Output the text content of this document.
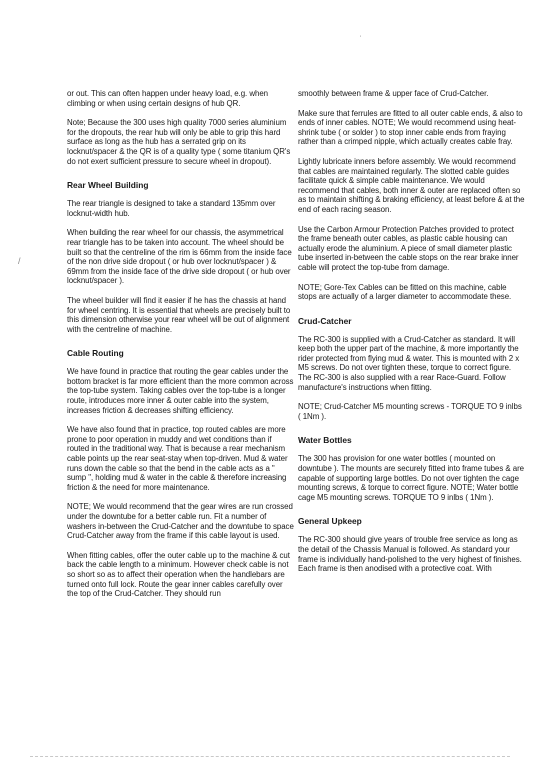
/
'

or out. This can often happen under heavy load, e.g. when climbing or when using certain designs of hub QR.

Note; Because the 300 uses high quality 7000 series aluminium for the dropouts, the rear hub will only be able to grip this hard surface as long as the hub has a serrated grip on its locknut/spacer & the QR is of a quality type ( some titanium QR's do not exert sufficient pressure to secure wheel in dropout).

Rear Wheel Building

The rear triangle is designed to take a standard 135mm over locknut-width hub.

When building the rear wheel for our chassis, the asymmetrical rear triangle has to be taken into account. The wheel should be built so that the centreline of the rim is 66mm from the inside face of the non drive side dropout ( or hub over locknut/spacer ) & 69mm from the inside face of the drive side dropout ( or hub over locknut/spacer ).

The wheel builder will find it easier if he has the chassis at hand for wheel centring. It is essential that wheels are precisely built to this dimension otherwise your rear wheel will be out of alignment with the centreline of machine.

Cable Routing

We have found in practice that routing the gear cables under the bottom bracket is far more efficient than the more common across the top-tube system. Taking cables over the top-tube is a longer route, introduces more inner & outer cable into the system, increases friction & decreases shifting efficiency.

We have also found that in practice, top routed cables are more prone to poor operation in muddy and wet conditions than if routed in the traditional way. That is because a rear mechanism cable points up the rear seat-stay when top-driven. Mud & water runs down the cable so that the bend in the cable acts as a " sump ", holding mud & water in the cable & therefore increasing friction & the need for more maintenance.

NOTE; We would recommend that the gear wires are run crossed under the downtube for a better cable run. Fit a number of washers in-between the Crud-Catcher and the downtube to space Crud-Catcher away from the frame if this cable layout is used.

When fitting cables, offer the outer cable up to the machine & cut back the cable length to a minimum. However check cable is not so short so as to affect their operation when the handlebars are turned onto full lock. Route the gear inner cables carefully over the top of the Crud-Catcher. They should run

smoothly between frame & upper face of Crud-Catcher.

Make sure that ferrules are fitted to all outer cable ends, & also to ends of inner cables. NOTE; We would recommend using heat-shrink tube ( or solder ) to stop inner cable ends from fraying rather than a crimped nipple, which actually creates cable fray.

Lightly lubricate inners before assembly. We would recommend that cables are maintained regularly. The slotted cable guides facilitate quick & simple cable maintenance. We would recommend that cables, both inner & outer are replaced often so as to maintain shifting & braking efficiency, at least before & at the end of each racing season.

Use the Carbon Armour Protection Patches provided to protect the frame beneath outer cables, as plastic cable housing can actually erode the aluminium. A piece of small diameter plastic tube inserted in-between the cable stops on the rear brake inner cable will protect the top-tube from damage.

NOTE; Gore-Tex Cables can be fitted on this machine, cable stops are actually of a larger diameter to accommodate these.

Crud-Catcher

The RC-300 is supplied with a Crud-Catcher as standard. It will keep both the upper part of the machine, & more importantly the rider protected from flying mud & water. This is mounted with 2 x M5 screws. Do not over tighten these, torque to correct figure. The RC-300 is also supplied with a rear Race-Guard. Follow manufacture's instructions when fitting.

NOTE; Crud-Catcher M5 mounting screws - TORQUE TO 9 inlbs ( 1Nm ).

Water Bottles

The 300 has provision for one water bottles ( mounted on downtube ). The mounts are securely fitted into frame tubes & are capable of supporting large bottles. Do not over tighten the cage mounting screws, & torque to correct figure. NOTE; Water bottle cage M5 mounting screws. TORQUE TO 9 inlbs ( 1Nm ).

General Upkeep

The RC-300 should give years of trouble free service as long as the detail of the Chassis Manual is followed. As standard your frame is individually hand-polished to the very highest of finishes. Each frame is then anodised with a protective coat. With
